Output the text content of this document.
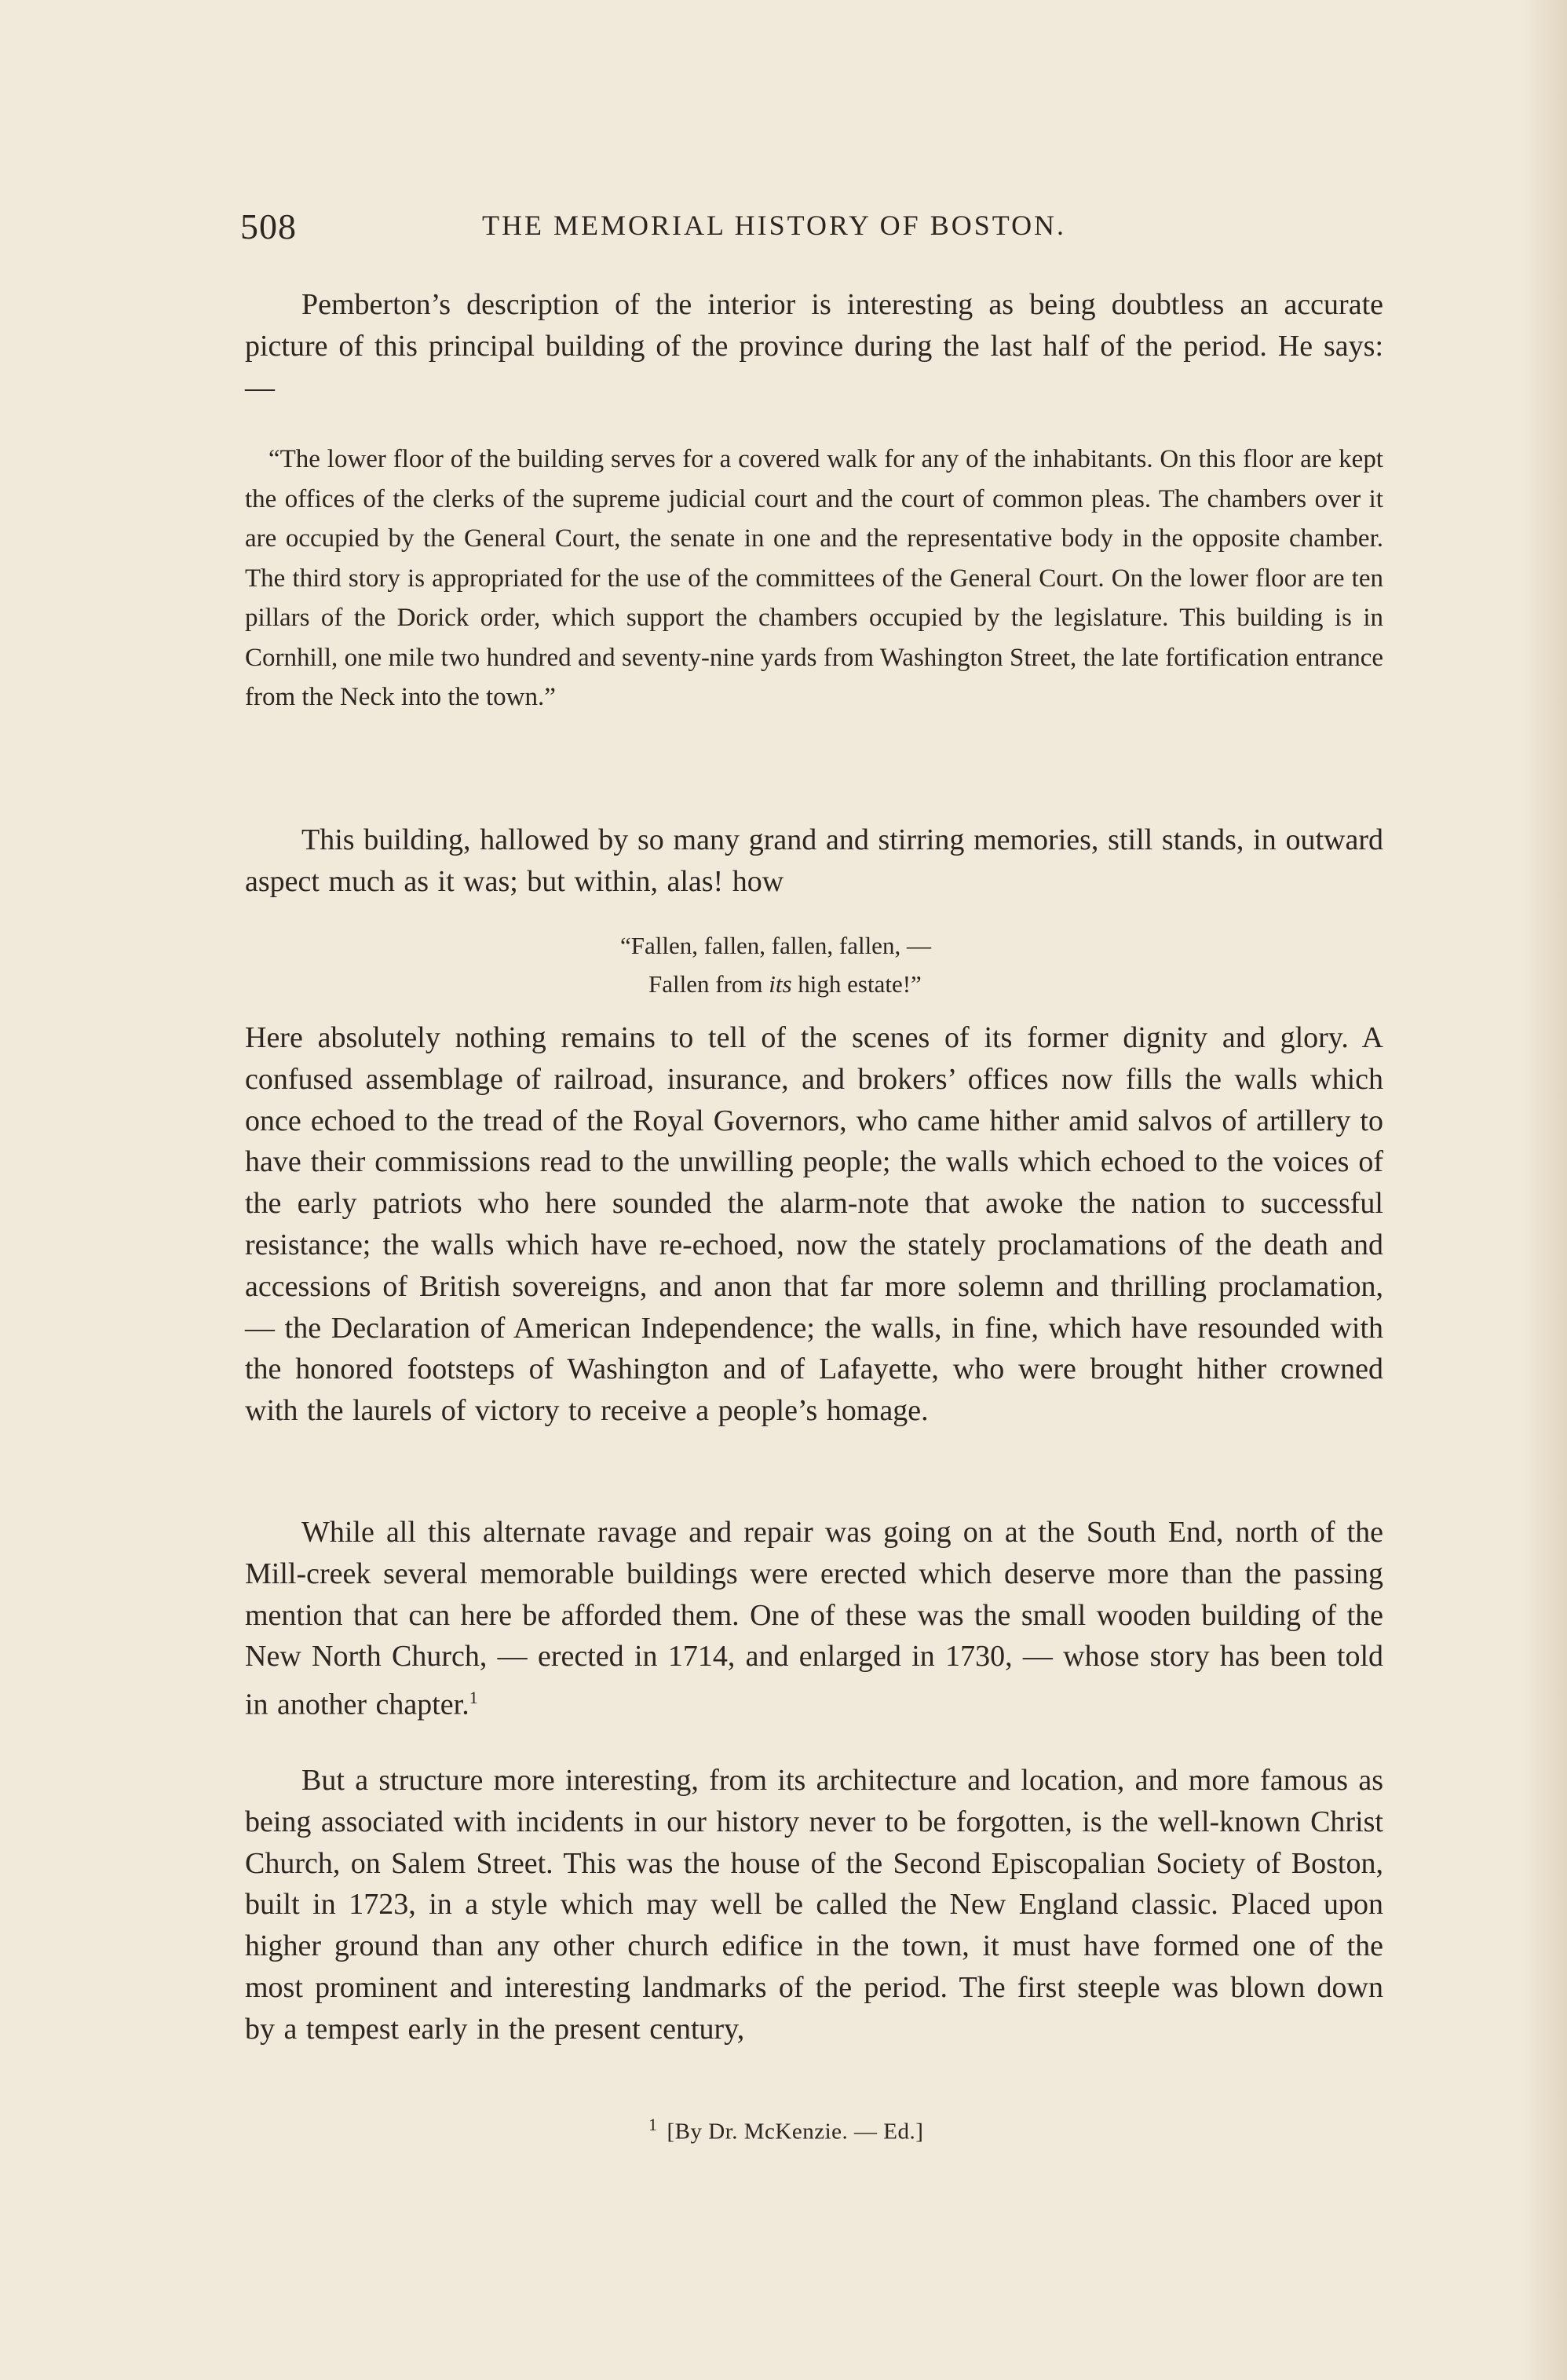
508	THE MEMORIAL HISTORY OF BOSTON.

Pemberton’s description of the interior is interesting as being doubtless an accurate picture of this principal building of the province during the last half of the period. He says: —

“The lower floor of the building serves for a covered walk for any of the inhabitants. On this floor are kept the offices of the clerks of the supreme judicial court and the court of common pleas. The chambers over it are occupied by the General Court, the senate in one and the representative body in the opposite chamber. The third story is appropriated for the use of the committees of the General Court. On the lower floor are ten pillars of the Dorick order, which support the chambers occupied by the legislature. This building is in Cornhill, one mile two hundred and seventy-nine yards from Washington Street, the late fortification entrance from the Neck into the town.”

This building, hallowed by so many grand and stirring memories, still stands, in outward aspect much as it was; but within, alas! how

“Fallen, fallen, fallen, fallen, —
Fallen from its high estate!”

Here absolutely nothing remains to tell of the scenes of its former dignity and glory. A confused assemblage of railroad, insurance, and brokers’ offices now fills the walls which once echoed to the tread of the Royal Governors, who came hither amid salvos of artillery to have their commissions read to the unwilling people; the walls which echoed to the voices of the early patriots who here sounded the alarm-note that awoke the nation to successful resistance; the walls which have re-echoed, now the stately proclamations of the death and accessions of British sovereigns, and anon that far more solemn and thrilling proclamation, — the Declaration of American Independence; the walls, in fine, which have resounded with the honored footsteps of Washington and of Lafayette, who were brought hither crowned with the laurels of victory to receive a people’s homage.

While all this alternate ravage and repair was going on at the South End, north of the Mill-creek several memorable buildings were erected which deserve more than the passing mention that can here be afforded them. One of these was the small wooden building of the New North Church, — erected in 1714, and enlarged in 1730, — whose story has been told in another chapter.$^1$

But a structure more interesting, from its architecture and location, and more famous as being associated with incidents in our history never to be forgotten, is the well-known Christ Church, on Salem Street. This was the house of the Second Episcopalian Society of Boston, built in 1723, in a style which may well be called the New England classic. Placed upon higher ground than any other church edifice in the town, it must have formed one of the most prominent and interesting landmarks of the period. The first steeple was blown down by a tempest early in the present century,

$^1$ [By Dr. McKenzie. — Ed.]
